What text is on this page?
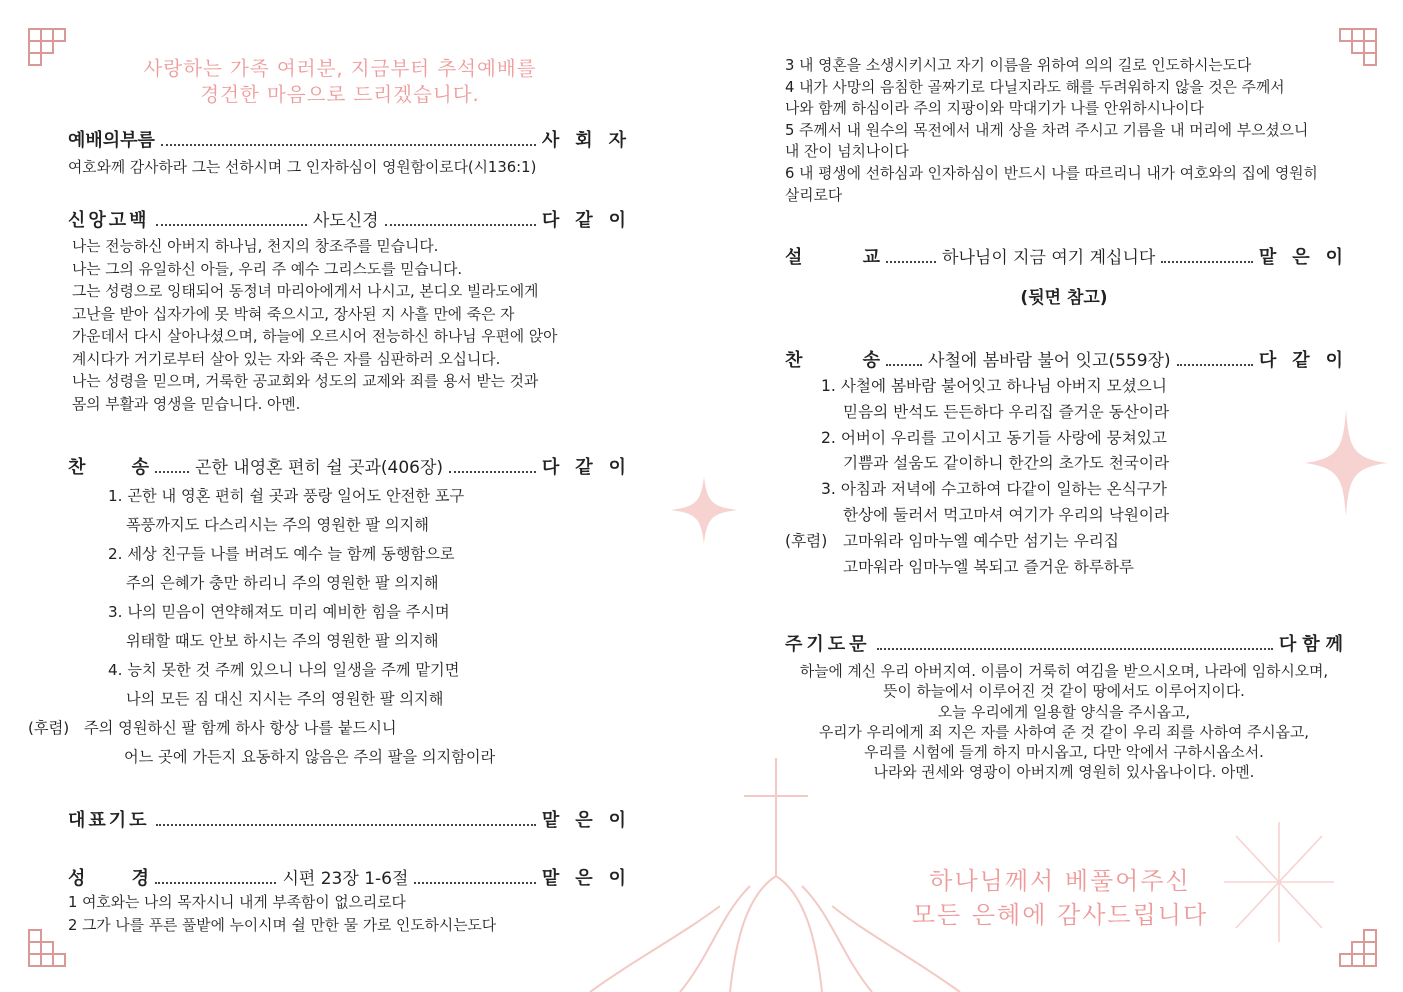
사랑하는 가족 여러분, 지금부터 추석예배를
경건한 마음으로 드리겠습니다.
예배의부름	사회자
여호와께 감사하라 그는 선하시며 그 인자하심이 영원함이로다(시136:1)
신앙고백	사도신경	다같이
나는 전능하신 아버지 하나님, 천지의 창조주를 믿습니다.
나는 그의 유일하신 아들, 우리 주 예수 그리스도를 믿습니다.
그는 성령으로 잉태되어 동정녀 마리아에게서 나시고, 본디오 빌라도에게
고난을 받아 십자가에 못 박혀 죽으시고, 장사된 지 사흘 만에 죽은 자
가운데서 다시 살아나셨으며, 하늘에 오르시어 전능하신 하나님 우편에 앉아
계시다가 거기로부터 살아 있는 자와 죽은 자를 심판하러 오십니다.
나는 성령을 믿으며, 거룩한 공교회와 성도의 교제와 죄를 용서 받는 것과
몸의 부활과 영생을 믿습니다. 아멘.
찬 송	곤한 내영혼 편히 쉴 곳과(406장)	다같이
1. 곤한 내 영혼 편히 쉴 곳과 풍랑 일어도 안전한 포구
폭풍까지도 다스리시는 주의 영원한 팔 의지해
2. 세상 친구들 나를 버려도 예수 늘 함께 동행함으로
주의 은혜가 충만 하리니 주의 영원한 팔 의지해
3. 나의 믿음이 연약해져도 미리 예비한 힘을 주시며
위태할 때도 안보 하시는 주의 영원한 팔 의지해
4. 능치 못한 것 주께 있으니 나의 일생을 주께 맡기면
나의 모든 짐 대신 지시는 주의 영원한 팔 의지해
(후렴) 주의 영원하신 팔 함께 하사 항상 나를 붙드시니
어느 곳에 가든지 요동하지 않음은 주의 팔을 의지함이라
대표기도	맡은이
성 경	시편 23장 1-6절	맡은이
1 여호와는 나의 목자시니 내게 부족함이 없으리로다
2 그가 나를 푸른 풀밭에 누이시며 쉴 만한 물 가로 인도하시는도다
3 내 영혼을 소생시키시고 자기 이름을 위하여 의의 길로 인도하시는도다
4 내가 사망의 음침한 골짜기로 다닐지라도 해를 두려워하지 않을 것은 주께서
나와 함께 하심이라 주의 지팡이와 막대기가 나를 안위하시나이다
5 주께서 내 원수의 목전에서 내게 상을 차려 주시고 기름을 내 머리에 부으셨으니
내 잔이 넘치나이다
6 내 평생에 선하심과 인자하심이 반드시 나를 따르리니 내가 여호와의 집에 영원히
살리로다
설 교	하나님이 지금 여기 계십니다	맡은이
(뒷면 참고)
찬 송	사철에 봄바람 불어 잇고(559장)	다같이
1. 사철에 봄바람 불어잇고 하나님 아버지 모셨으니
믿음의 반석도 든든하다 우리집 즐거운 동산이라
2. 어버이 우리를 고이시고 동기들 사랑에 뭉쳐있고
기쁨과 설움도 같이하니 한간의 초가도 천국이라
3. 아침과 저녁에 수고하여 다같이 일하는 온식구가
한상에 둘러서 먹고마셔 여기가 우리의 낙원이라
(후렴)	고마워라 임마누엘 예수만 섬기는 우리집
고마워라 임마누엘 복되고 즐거운 하루하루
주기도문	다함께
하늘에 계신 우리 아버지여. 이름이 거룩히 여김을 받으시오며, 나라에 임하시오며,
뜻이 하늘에서 이루어진 것 같이 땅에서도 이루어지이다.
오늘 우리에게 일용할 양식을 주시옵고,
우리가 우리에게 죄 지은 자를 사하여 준 것 같이 우리 죄를 사하여 주시옵고,
우리를 시험에 들게 하지 마시옵고, 다만 악에서 구하시옵소서.
나라와 권세와 영광이 아버지께 영원히 있사옵나이다. 아멘.
하나님께서 베풀어주신
모든 은혜에 감사드립니다
